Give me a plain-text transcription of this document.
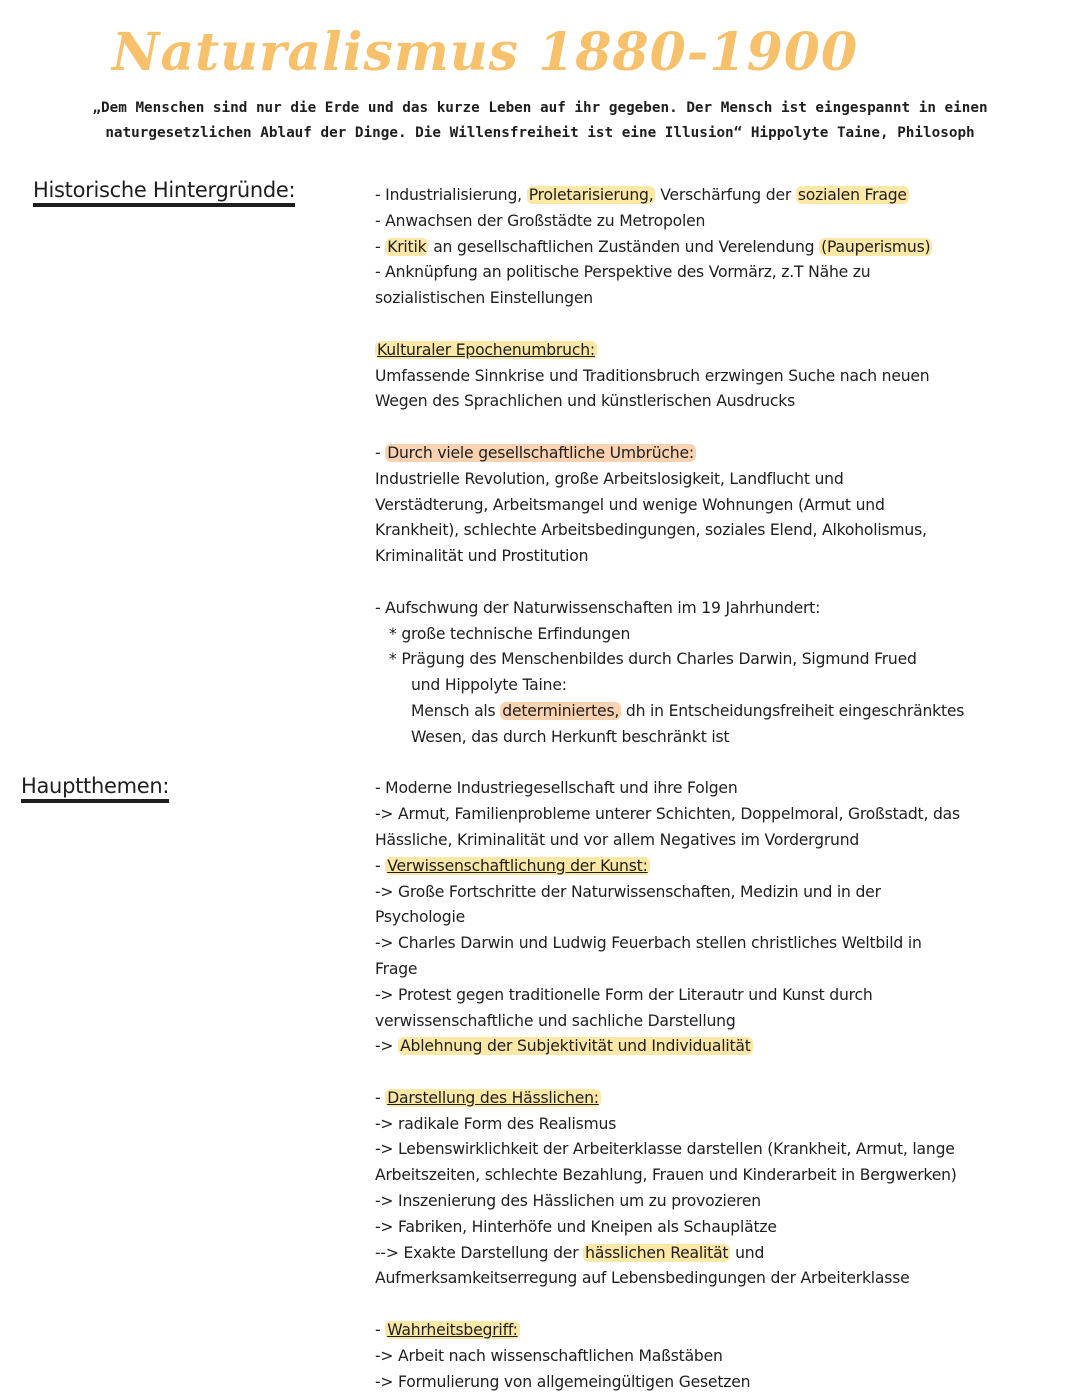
Naturalismus 1880-1900
„Dem Menschen sind nur die Erde und das kurze Leben auf ihr gegeben. Der Mensch ist eingespannt in einen
naturgesetzlichen Ablauf der Dinge. Die Willensfreiheit ist eine Illusion“ Hippolyte Taine, Philosoph
Historische Hintergründe:
Hauptthemen:
- Industrialisierung, Proletarisierung, Verschärfung der sozialen Frage
- Anwachsen der Großstädte zu Metropolen
- Kritik an gesellschaftlichen Zuständen und Verelendung (Pauperismus)
- Anknüpfung an politische Perspektive des Vormärz, z.T Nähe zu
sozialistischen Einstellungen
Kulturaler Epochenumbruch:
Umfassende Sinnkrise und Traditionsbruch erzwingen Suche nach neuen
Wegen des Sprachlichen und künstlerischen Ausdrucks
- Durch viele gesellschaftliche Umbrüche:
Industrielle Revolution, große Arbeitslosigkeit, Landflucht und
Verstädterung, Arbeitsmangel und wenige Wohnungen (Armut und
Krankheit), schlechte Arbeitsbedingungen, soziales Elend, Alkoholismus,
Kriminalität und Prostitution
- Aufschwung der Naturwissenschaften im 19 Jahrhundert:
* große technische Erfindungen
* Prägung des Menschenbildes durch Charles Darwin, Sigmund Frued
und Hippolyte Taine:
Mensch als determiniertes, dh in Entscheidungsfreiheit eingeschränktes
Wesen, das durch Herkunft beschränkt ist
- Moderne Industriegesellschaft und ihre Folgen
-> Armut, Familienprobleme unterer Schichten, Doppelmoral, Großstadt, das
Hässliche, Kriminalität und vor allem Negatives im Vordergrund
- Verwissenschaftlichung der Kunst:
-> Große Fortschritte der Naturwissenschaften, Medizin und in der
Psychologie
-> Charles Darwin und Ludwig Feuerbach stellen christliches Weltbild in
Frage
-> Protest gegen traditionelle Form der Literautr und Kunst durch
verwissenschaftliche und sachliche Darstellung
-> Ablehnung der Subjektivität und Individualität
- Darstellung des Hässlichen:
-> radikale Form des Realismus
-> Lebenswirklichkeit der Arbeiterklasse darstellen (Krankheit, Armut, lange
Arbeitszeiten, schlechte Bezahlung, Frauen und Kinderarbeit in Bergwerken)
-> Inszenierung des Hässlichen um zu provozieren
-> Fabriken, Hinterhöfe und Kneipen als Schauplätze
--> Exakte Darstellung der hässlichen Realität und
Aufmerksamkeitserregung auf Lebensbedingungen der Arbeiterklasse
- Wahrheitsbegriff:
-> Arbeit nach wissenschaftlichen Maßstäben
-> Formulierung von allgemeingültigen Gesetzen
